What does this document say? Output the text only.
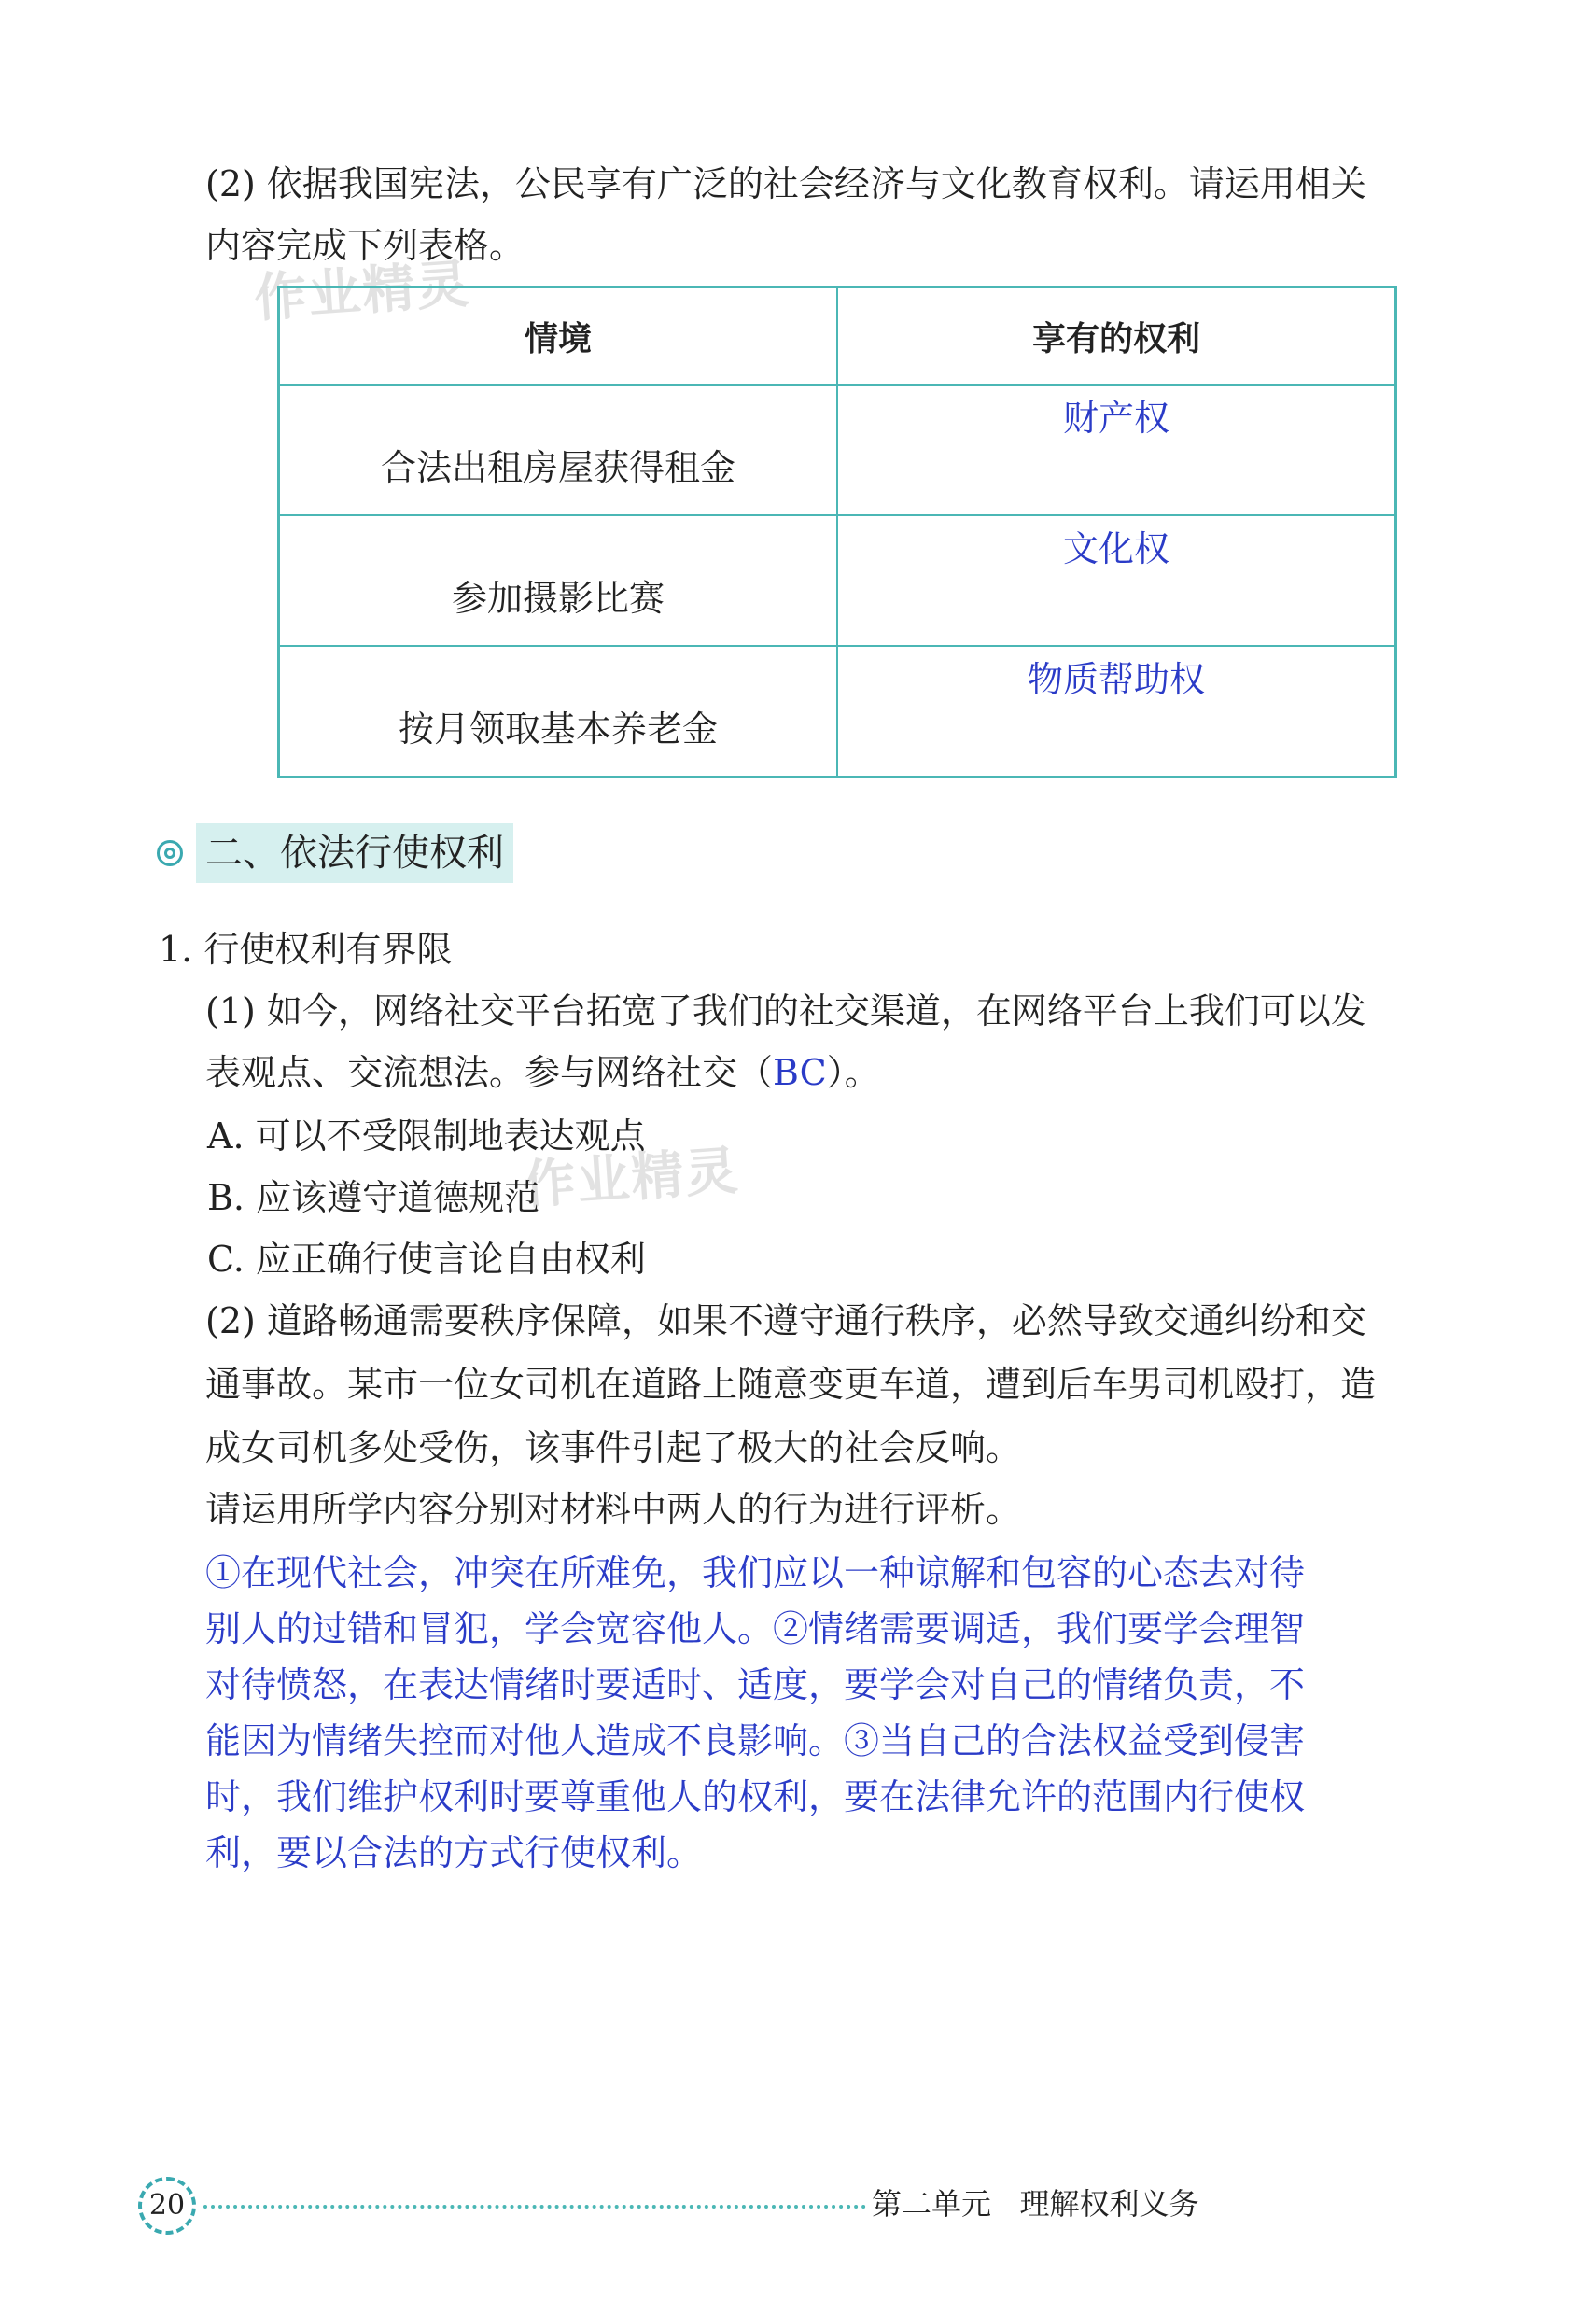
作业精灵
作业精灵

(2) 依据我国宪法，公民享有广泛的社会经济与文化教育权利。请运用相关

内容完成下列表格。

情境	享有的权利

合法出租房屋获得租金	财产权

参加摄影比赛	文化权

按月领取基本养老金	物质帮助权
二、依法行使权利

1. 行使权利有界限

(1) 如今，网络社交平台拓宽了我们的社交渠道，在网络平台上我们可以发

表观点、交流想法。参与网络社交（BC）。

A. 可以不受限制地表达观点

B. 应该遵守道德规范

C. 应正确行使言论自由权利

(2) 道路畅通需要秩序保障，如果不遵守通行秩序，必然导致交通纠纷和交

通事故。某市一位女司机在道路上随意变更车道，遭到后车男司机殴打，造

成女司机多处受伤，该事件引起了极大的社会反响。

请运用所学内容分别对材料中两人的行为进行评析。

①在现代社会，冲突在所难免，我们应以一种谅解和包容的心态去对待

别人的过错和冒犯，学会宽容他人。②情绪需要调适，我们要学会理智

对待愤怒，在表达情绪时要适时、适度，要学会对自己的情绪负责，不

能因为情绪失控而对他人造成不良影响。③当自己的合法权益受到侵害

时，我们维护权利时要尊重他人的权利，要在法律允许的范围内行使权

利，要以合法的方式行使权利。

20	第二单元 理解权利义务
